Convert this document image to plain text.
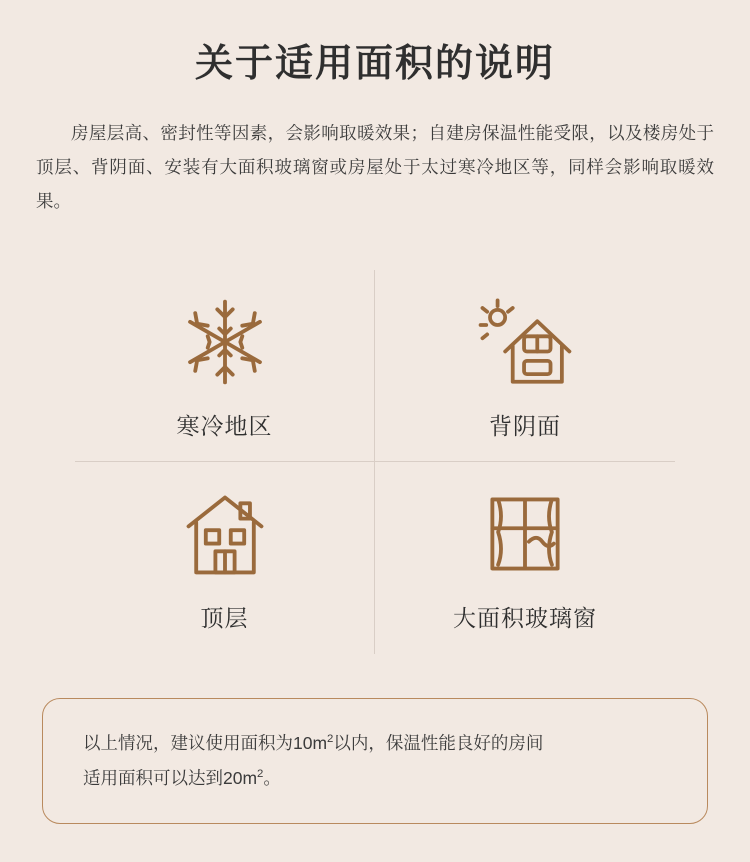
关于适用面积的说明
房屋层高、密封性等因素，会影响取暖效果；自建房保温性能受限，以及楼房处于顶层、背阴面、安装有大面积玻璃窗或房屋处于太过寒冷地区等，同样会影响取暖效果。
寒冷地区	背阴面
顶层	大面积玻璃窗
以上情况，建议使用面积为$10m^2$以内，保温性能良好的房间
适用面积可以达到$20m^2$。
